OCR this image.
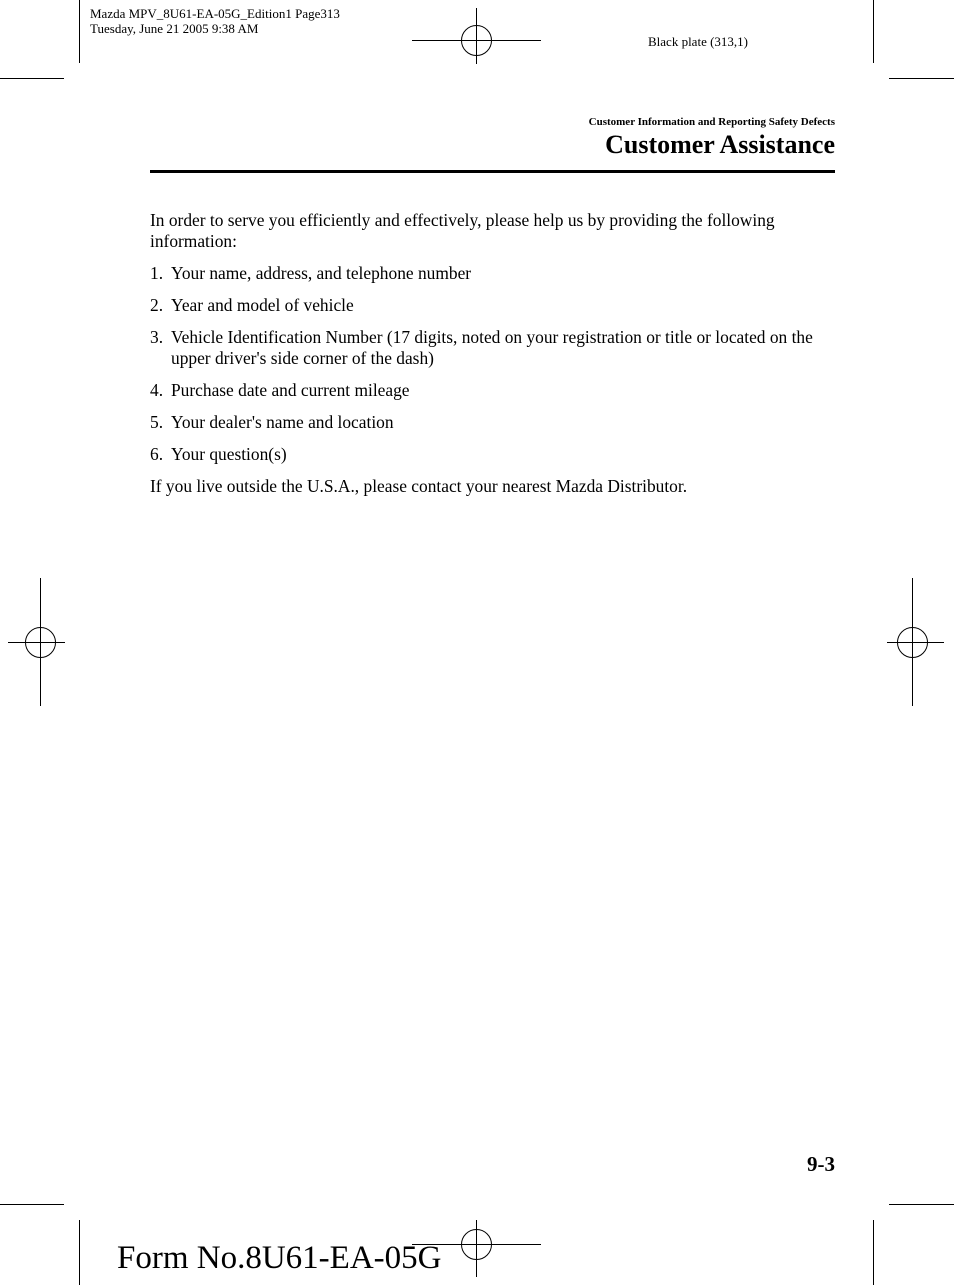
Mazda MPV_8U61-EA-05G_Edition1 Page313
Tuesday, June 21 2005 9:38 AM
Black plate (313,1)
Customer Information and Reporting Safety Defects
Customer Assistance

In order to serve you efficiently and effectively, please help us by providing the following information:

1. Your name, address, and telephone number
2. Year and model of vehicle
3. Vehicle Identification Number (17 digits, noted on your registration or title or located on the upper driver's side corner of the dash)
4. Purchase date and current mileage
5. Your dealer's name and location
6. Your question(s)

If you live outside the U.S.A., please contact your nearest Mazda Distributor.

9-3
Form No.8U61-EA-05G
